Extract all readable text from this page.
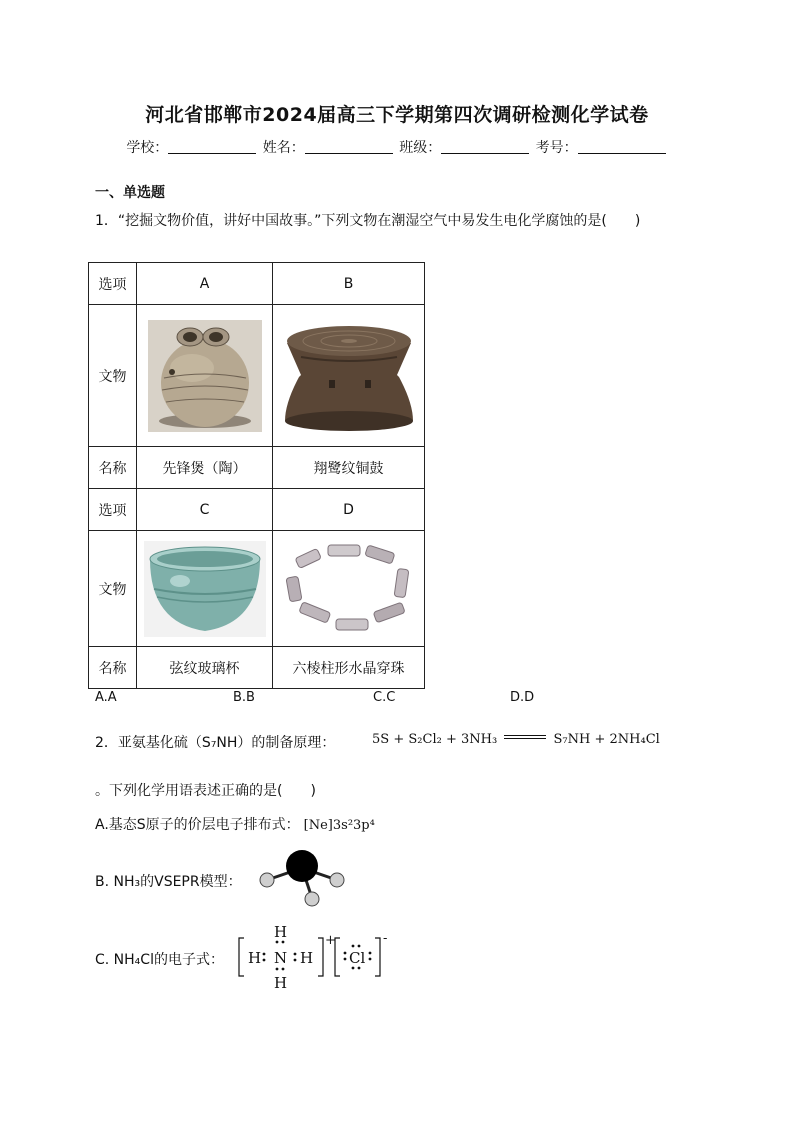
河北省邯郸市2024届高三下学期第四次调研检测化学试卷
学校：	姓名：	班级：	考号：
一、单选题
1．“挖掘文物价值，讲好中国故事。”下列文物在潮湿空气中易发生电化学腐蚀的是(　　)
选项	A	B
文物	

名称	先锋煲（陶）	翔鹭纹铜鼓
选项	C	D
文物	

名称	弦纹玻璃杯	六棱柱形水晶穿珠
A.A	B.B	C.C	D.D
2．亚氨基化硫（S₇NH）的制备原理：	5S + S₂Cl₂ + 3NH₃	S₇NH + 2NH₄Cl
。下列化学用语表述正确的是(　　)
A.基态S原子的价层电子排布式： [Ne]3s²3p⁴
B. NH₃的VSEPR模型：
C. NH₄Cl的电子式：
H
H N H
H
+
Cl
-
